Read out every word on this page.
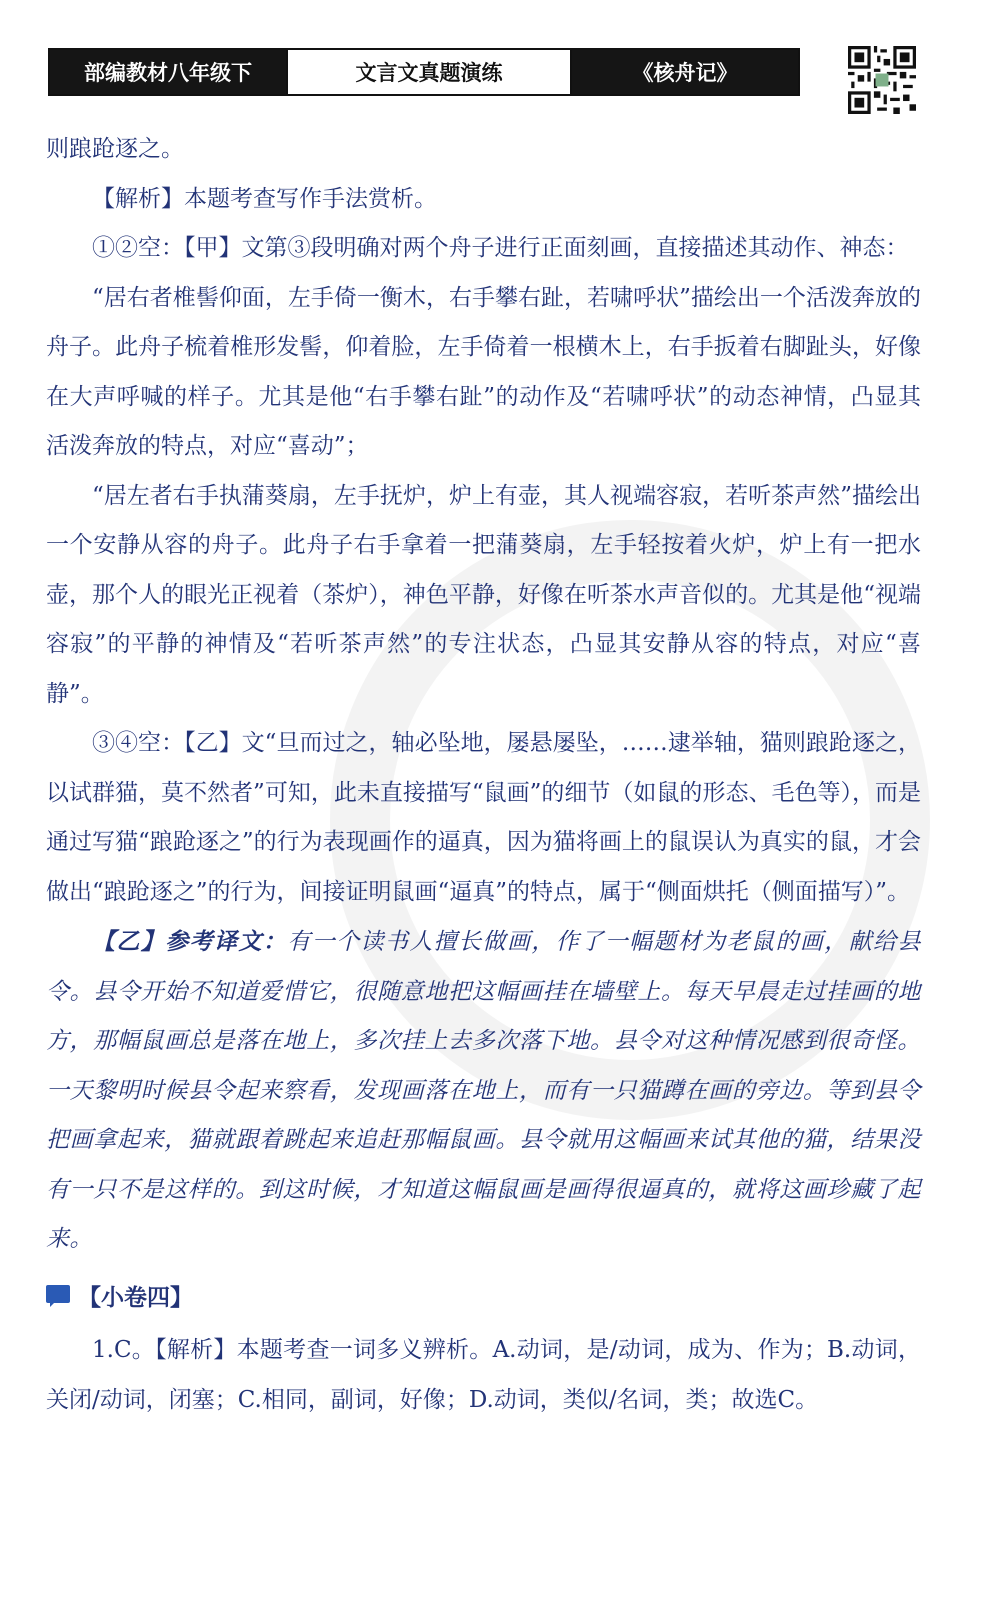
部编教材八年级下	文言文真题演练	《核舟记》

则踉跄逐之。

【解析】本题考查写作手法赏析。

①②空：【甲】文第③段明确对两个舟子进行正面刻画，直接描述其动作、神态：

“居右者椎髻仰面，左手倚一衡木，右手攀右趾，若啸呼状”描绘出一个活泼奔放的舟子。此舟子梳着椎形发髻，仰着脸，左手倚着一根横木上，右手扳着右脚趾头，好像在大声呼喊的样子。尤其是他“右手攀右趾”的动作及“若啸呼状”的动态神情，凸显其活泼奔放的特点，对应“喜动”；

“居左者右手执蒲葵扇，左手抚炉，炉上有壶，其人视端容寂，若听茶声然”描绘出一个安静从容的舟子。此舟子右手拿着一把蒲葵扇，左手轻按着火炉，炉上有一把水壶，那个人的眼光正视着（茶炉），神色平静，好像在听茶水声音似的。尤其是他“视端容寂”的平静的神情及“若听茶声然”的专注状态，凸显其安静从容的特点，对应“喜静”。

③④空：【乙】文“旦而过之，轴必坠地，屡悬屡坠，……逮举轴，猫则踉跄逐之，以试群猫，莫不然者”可知，此未直接描写“鼠画”的细节（如鼠的形态、毛色等），而是通过写猫“踉跄逐之”的行为表现画作的逼真，因为猫将画上的鼠误认为真实的鼠，才会做出“踉跄逐之”的行为，间接证明鼠画“逼真”的特点，属于“侧面烘托（侧面描写）”。

【乙】参考译文：有一个读书人擅长做画，作了一幅题材为老鼠的画，献给县令。县令开始不知道爱惜它，很随意地把这幅画挂在墙壁上。每天早晨走过挂画的地方，那幅鼠画总是落在地上，多次挂上去多次落下地。县令对这种情况感到很奇怪。一天黎明时候县令起来察看，发现画落在地上，而有一只猫蹲在画的旁边。等到县令把画拿起来，猫就跟着跳起来追赶那幅鼠画。县令就用这幅画来试其他的猫，结果没有一只不是这样的。到这时候，才知道这幅鼠画是画得很逼真的，就将这画珍藏了起来。

【小卷四】

1.C。【解析】本题考查一词多义辨析。A.动词，是/动词，成为、作为；B.动词，关闭/动词，闭塞；C.相同，副词，好像；D.动词，类似/名词，类；故选C。
